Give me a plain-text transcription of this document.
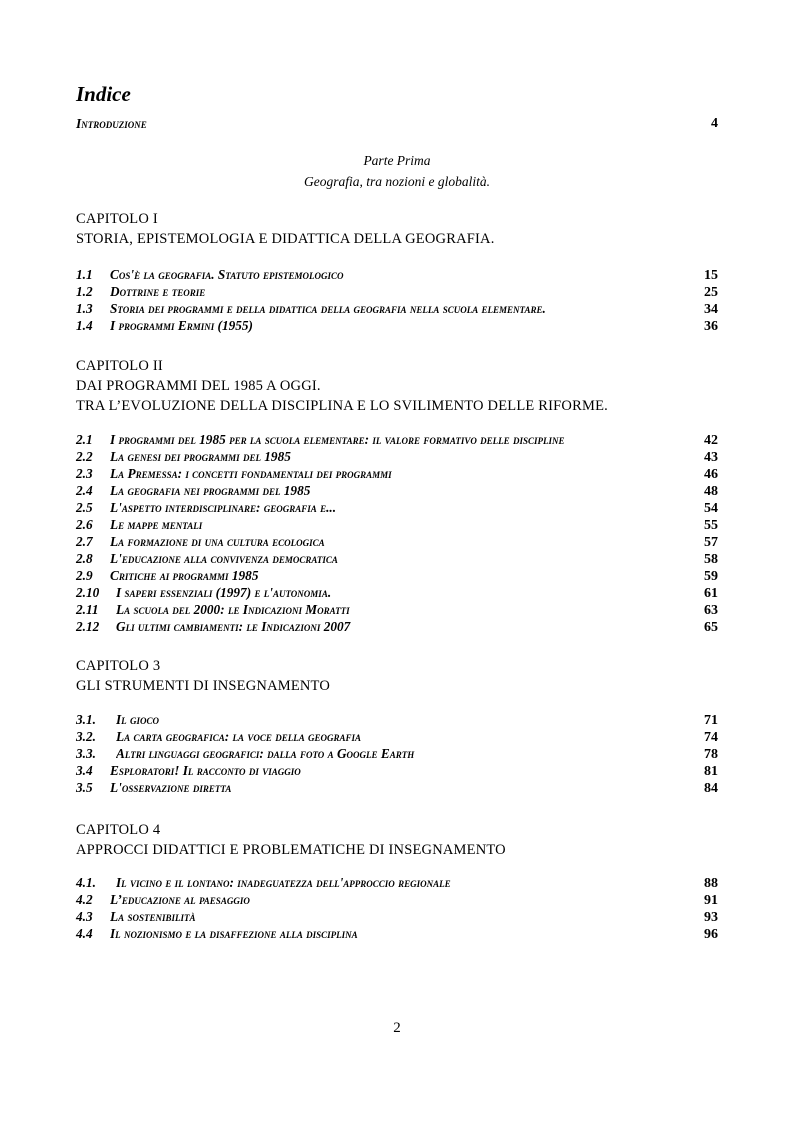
Indice
Introduzione	4
Parte Prima
Geografia, tra nozioni e globalità.
CAPITOLO I
STORIA, EPISTEMOLOGIA E DIDATTICA DELLA GEOGRAFIA.
1.1	Cos'è la geografia. Statuto epistemologico	15
1.2	Dottrine e teorie	25
1.3	Storia dei programmi e della didattica della geografia nella scuola elementare.	34
1.4	I programmi Ermini (1955)	36
CAPITOLO II
DAI PROGRAMMI DEL 1985 A OGGI.
TRA L’EVOLUZIONE DELLA DISCIPLINA E LO SVILIMENTO DELLE RIFORME.
2.1	I programmi del 1985 per la scuola elementare: il valore formativo delle discipline	42
2.2	La genesi dei programmi del 1985	43
2.3	La Premessa: i concetti fondamentali dei programmi	46
2.4	La geografia nei programmi del 1985	48
2.5	L'aspetto interdisciplinare: geografia e...	54
2.6	Le mappe mentali	55
2.7	La formazione di una cultura ecologica	57
2.8	L'educazione alla convivenza democratica	58
2.9	Critiche ai programmi 1985	59
2.10	I saperi essenziali (1997) e l'autonomia.	61
2.11	La scuola del 2000: le Indicazioni Moratti	63
2.12	Gli ultimi cambiamenti: le Indicazioni 2007	65
CAPITOLO 3
GLI STRUMENTI DI INSEGNAMENTO
3.1.	Il gioco	71
3.2.	La carta geografica: la voce della geografia	74
3.3.	Altri linguaggi geografici: dalla foto a Google Earth	78
3.4	Esploratori! Il racconto di viaggio	81
3.5	L'osservazione diretta	84
CAPITOLO 4
APPROCCI DIDATTICI E PROBLEMATICHE DI INSEGNAMENTO
4.1.	Il vicino e il lontano: inadeguatezza dell'approccio regionale	88
4.2	L’educazione al paesaggio	91
4.3	La sostenibilità	93
4.4	Il nozionismo e la disaffezione alla disciplina	96
2
